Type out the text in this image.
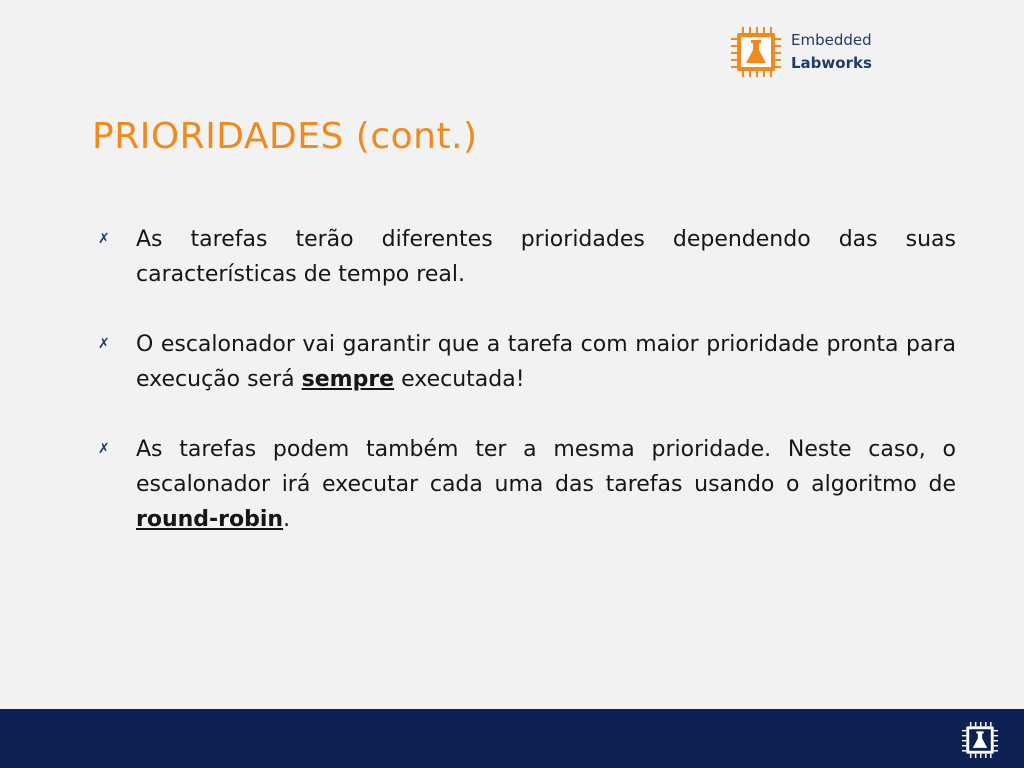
Embedded
Labworks
PRIORIDADES (cont.)
✗	As tarefas terão diferentes prioridades dependendo das suas características de tempo real.
✗	O escalonador vai garantir que a tarefa com maior prioridade pronta para execução será sempre executada!
✗	As tarefas podem também ter a mesma prioridade. Neste caso, o escalonador irá executar cada uma das tarefas usando o algoritmo de round-robin.
